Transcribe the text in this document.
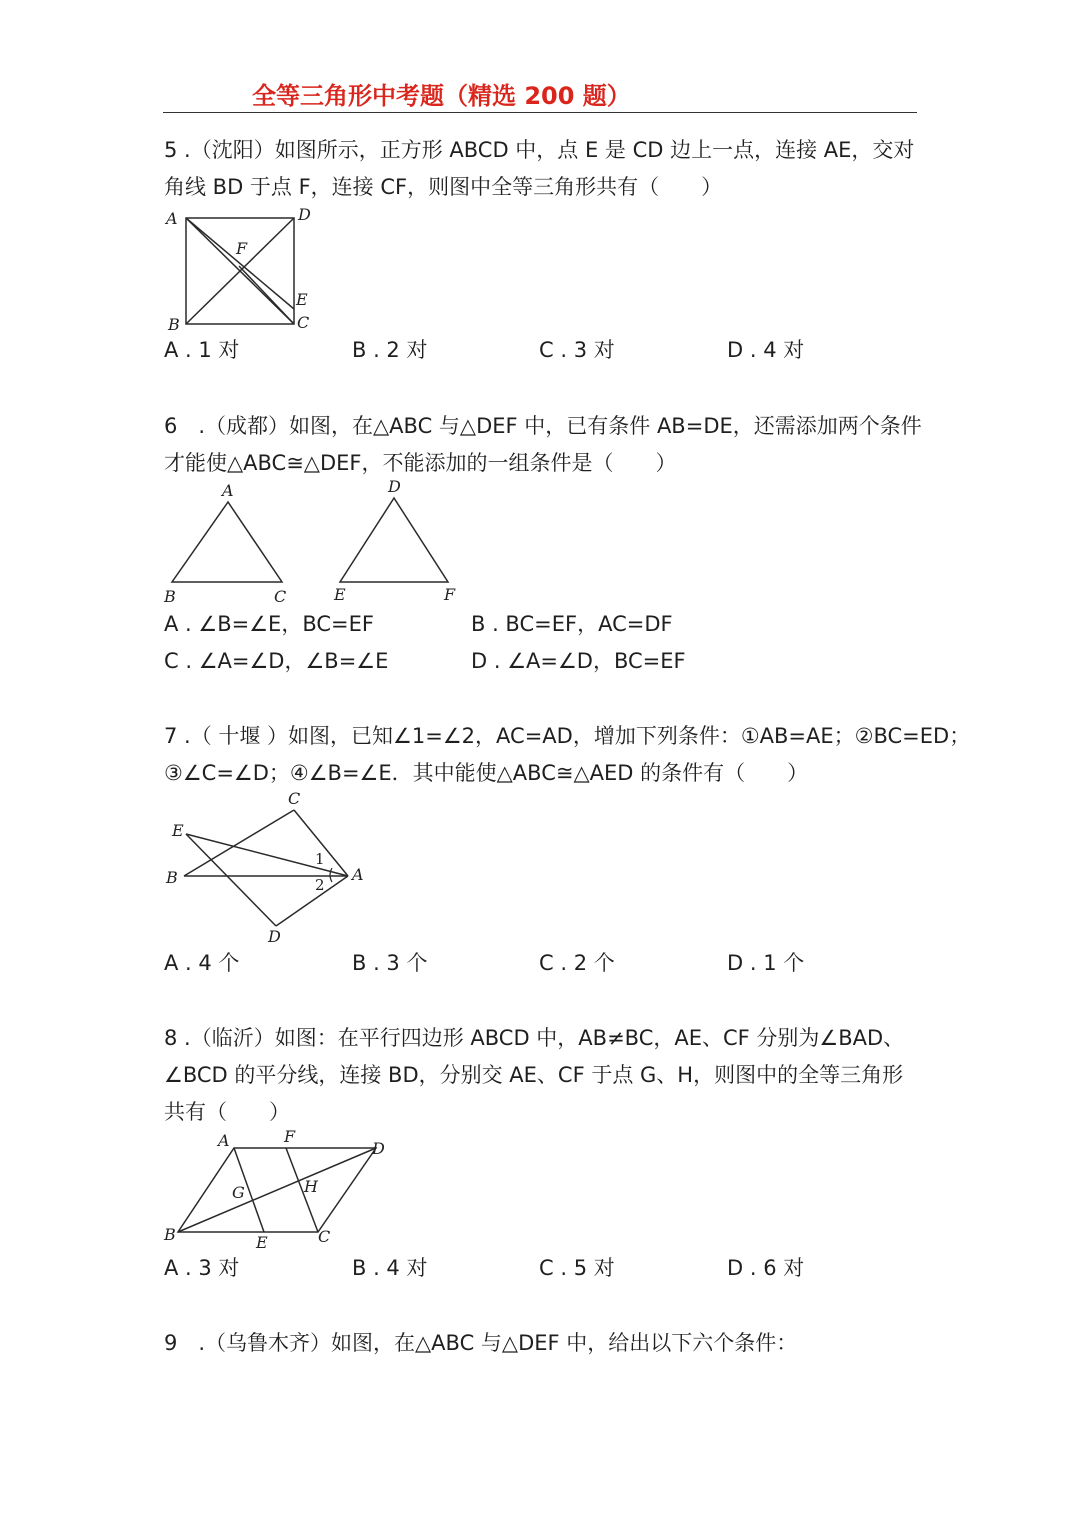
全等三角形中考题（精选 200 题）
5 .（沈阳）如图所示，正方形 ABCD 中，点 E 是 CD 边上一点，连接 AE，交对
角线 BD 于点 F，连接 CF，则图中全等三角形共有（　　）
A	D
F
E
B	C
A . 1 对	B . 2 对	C . 3 对	D . 4 对
6　.（成都）如图，在△ABC 与△DEF 中，已有条件 AB=DE，还需添加两个条件
才能使△ABC≅△DEF，不能添加的一组条件是（　　）
A
B	C
D
E	F
A . ∠B=∠E，BC=EF	B . BC=EF，AC=DF
C . ∠A=∠D，∠B=∠E	D . ∠A=∠D，BC=EF
7 .（ 十堰 ）如图，已知∠1=∠2，AC=AD，增加下列条件：①AB=AE；②BC=ED；
③∠C=∠D；④∠B=∠E．其中能使△ABC≅△AED 的条件有（　　）
C
E
B	A
D
1
2
A . 4 个	B . 3 个	C . 2 个	D . 1 个
8 .（临沂）如图：在平行四边形 ABCD 中，AB≠BC，AE、CF 分别为∠BAD、
∠BCD 的平分线，连接 BD，分别交 AE、CF 于点 G、H，则图中的全等三角形
共有（　　）
A	F
D
G	H
B	E	C
A . 3 对	B . 4 对	C . 5 对	D . 6 对
9　.（乌鲁木齐）如图，在△ABC 与△DEF 中，给出以下六个条件：
